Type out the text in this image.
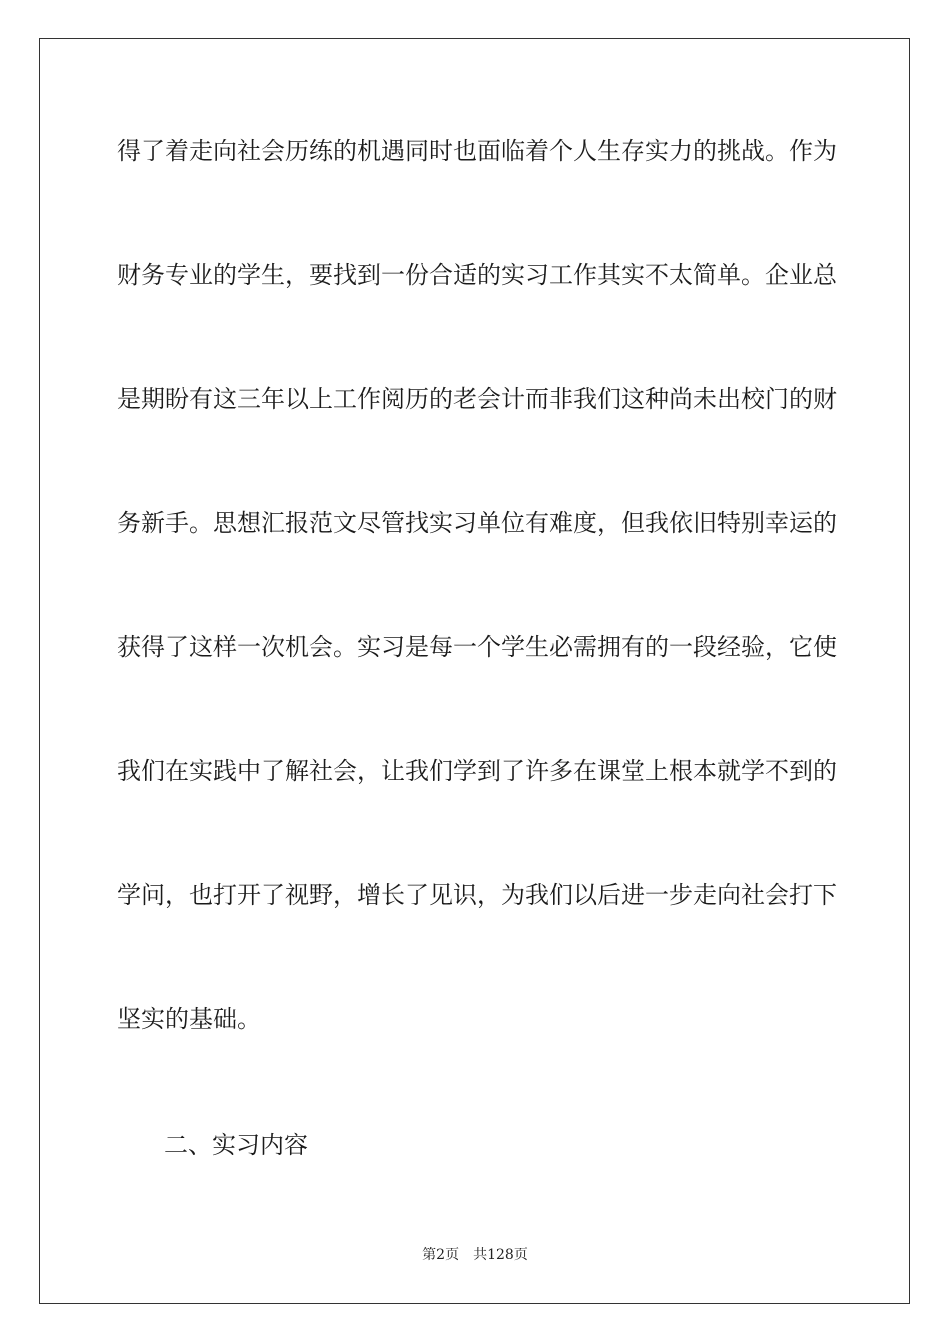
得了着走向社会历练的机遇同时也面临着个人生存实力的挑战。作为
财务专业的学生，要找到一份合适的实习工作其实不太简单。企业总
是期盼有这三年以上工作阅历的老会计而非我们这种尚未出校门的财
务新手。思想汇报范文尽管找实习单位有难度，但我依旧特别幸运的
获得了这样一次机会。实习是每一个学生必需拥有的一段经验，它使
我们在实践中了解社会，让我们学到了许多在课堂上根本就学不到的
学问，也打开了视野，增长了见识，为我们以后进一步走向社会打下
坚实的基础。
二、实习内容
第2页 共128页
